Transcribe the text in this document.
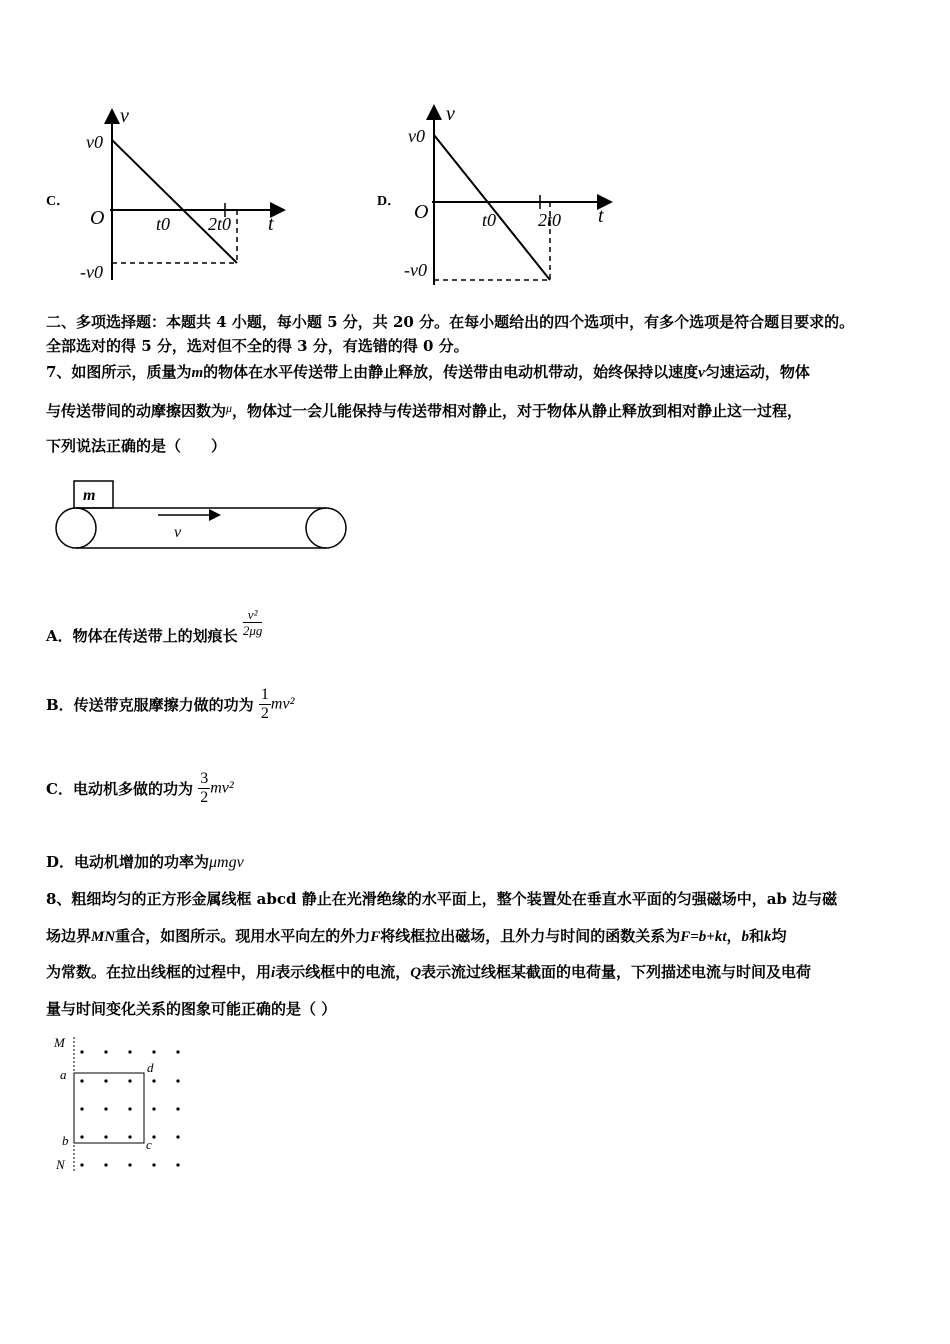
C．
v
v0
O	t0 2t0 t
-v0
D．
v
v0
O	t0 2t0 t
-v0
二、多项选择题：本题共 4 小题，每小题 5 分，共 20 分。在每小题给出的四个选项中，有多个选项是符合题目要求的。
全部选对的得 5 分，选对但不全的得 3 分，有选错的得 0 分。
7、如图所示，质量为m的物体在水平传送带上由静止释放，传送带由电动机带动，始终保持以速度v匀速运动，物体
与传送带间的动摩擦因数为$^\mu$，物体过一会儿能保持与传送带相对静止，对于物体从静止释放到相对静止这一过程，
下列说法正确的是（　　）
m
v
A．物体在传送带上的划痕长 $\frac{\text{v²}}{2\mu g}$
B．传送带克服摩擦力做的功为 $\frac{1}{2} mv^2$
C．电动机多做的功为 $\frac{3}{2} mv^2$
D．电动机增加的功率为μmgv
8、粗细均匀的正方形金属线框 abcd 静止在光滑绝缘的水平面上，整个装置处在垂直水平面的匀强磁场中，ab 边与磁
场边界MN重合，如图所示。现用水平向左的外力F将线框拉出磁场，且外力与时间的函数关系为F=b+kt，b和k均
为常数。在拉出线框的过程中，用i表示线框中的电流，Q表示流过线框某截面的电荷量，下列描述电流与时间及电荷
量与时间变化关系的图象可能正确的是（ ）
M
a	d
b	c
N
